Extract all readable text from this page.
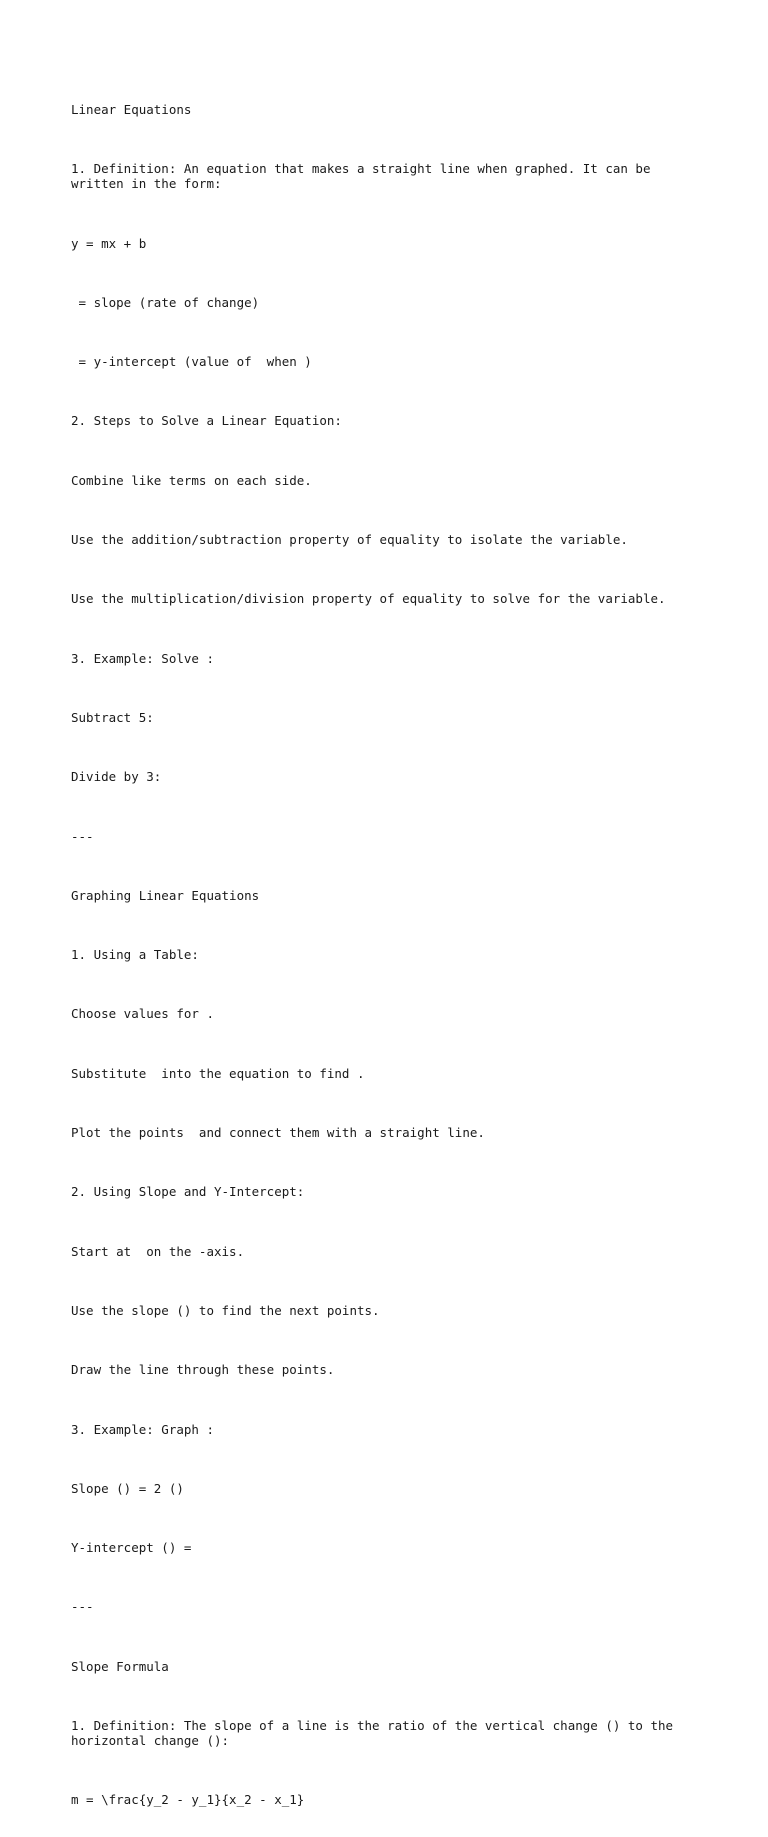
Linear Equations

1. Definition: An equation that makes a straight line when graphed. It can be written in the form:

y = mx + b

= slope (rate of change)

= y-intercept (value of  when )

2. Steps to Solve a Linear Equation:

Combine like terms on each side.

Use the addition/subtraction property of equality to isolate the variable.

Use the multiplication/division property of equality to solve for the variable.

3. Example: Solve :

Subtract 5:

Divide by 3:

---

Graphing Linear Equations

1. Using a Table:

Choose values for .

Substitute  into the equation to find .

Plot the points  and connect them with a straight line.

2. Using Slope and Y-Intercept:

Start at  on the -axis.

Use the slope () to find the next points.

Draw the line through these points.

3. Example: Graph :

Slope () = 2 ()

Y-intercept () =

---

Slope Formula

1. Definition: The slope of a line is the ratio of the vertical change () to the horizontal change ():

m = \frac{y_2 - y_1}{x_2 - x_1}
